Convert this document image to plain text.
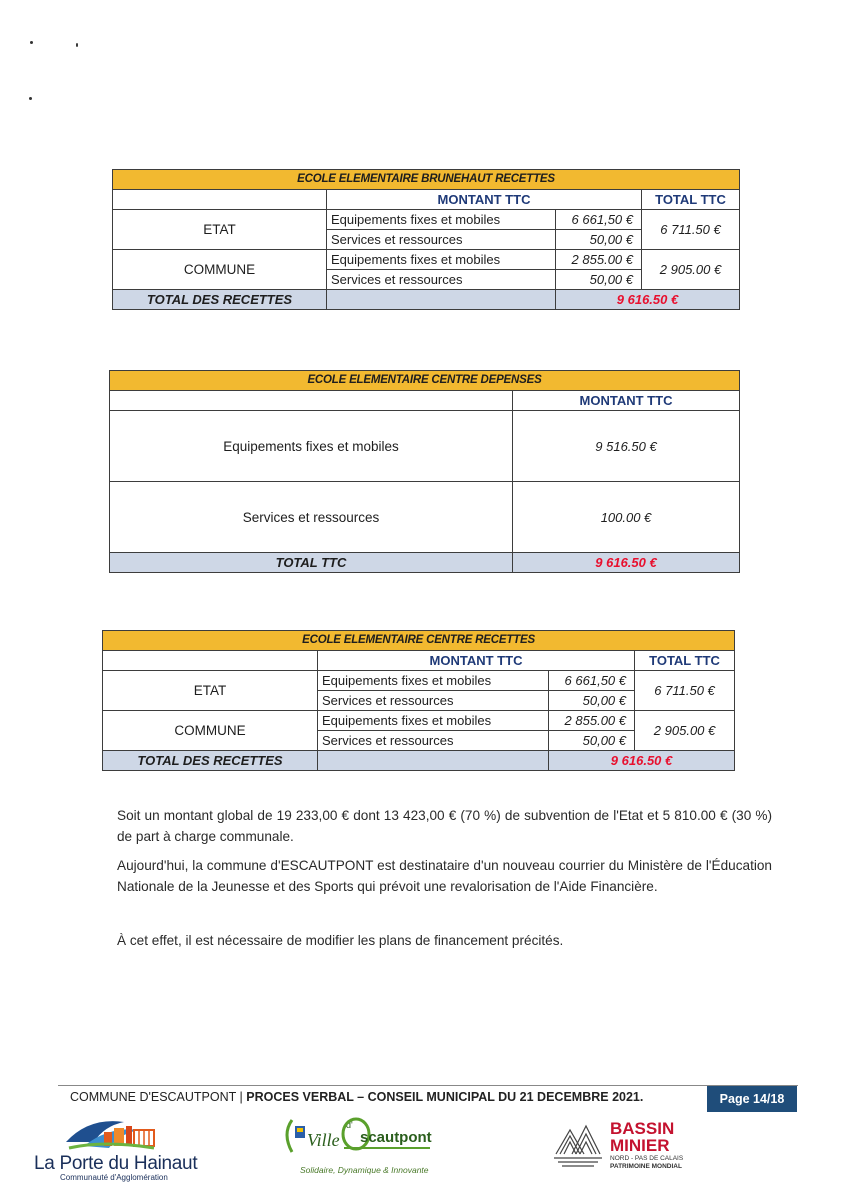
ECOLE ELEMENTAIRE BRUNEHAUT RECETTES			
	MONTANT TTC		TOTAL TTC
ETAT	Equipements fixes et mobiles	6 661,50 €	6 711.50 €
	Services et ressources	50,00 €	
COMMUNE	Equipements fixes et mobiles	2 855.00 €	2 905.00 €
	Services et ressources	50,00 €	
TOTAL DES RECETTES		9 616.50 €	
ECOLE ELEMENTAIRE CENTRE DEPENSES	
	MONTANT TTC
Equipements fixes et mobiles	9 516.50 €
Services et ressources	100.00 €
TOTAL TTC	9 616.50 €
ECOLE ELEMENTAIRE CENTRE RECETTES			
	MONTANT TTC		TOTAL TTC
ETAT	Equipements fixes et mobiles	6 661,50 €	6 711.50 €
	Services et ressources	50,00 €	
COMMUNE	Equipements fixes et mobiles	2 855.00 €	2 905.00 €
	Services et ressources	50,00 €	
TOTAL DES RECETTES		9 616.50 €	
Soit un montant global de 19 233,00 € dont 13 423,00 € (70 %) de subvention de l'Etat et 5 810.00 € (30 %) de part à charge communale.
Aujourd'hui, la commune d'ESCAUTPONT est destinataire d'un nouveau courrier du Ministère de l'Éducation Nationale de la Jeunesse et des Sports qui prévoit une revalorisation de l'Aide Financière.
À cet effet, il est nécessaire de modifier les plans de financement précités.
COMMUNE D'ESCAUTPONT | PROCES VERBAL – CONSEIL MUNICIPAL DU 21 DECEMBRE 2021.	Page 14/18
La Porte du Hainaut
Communauté d'Agglomération
Ville
d'
scautpont
Solidaire, Dynamique & Innovante
BASSIN
MINIER
NORD - PAS DE CALAIS
PATRIMOINE MONDIAL
